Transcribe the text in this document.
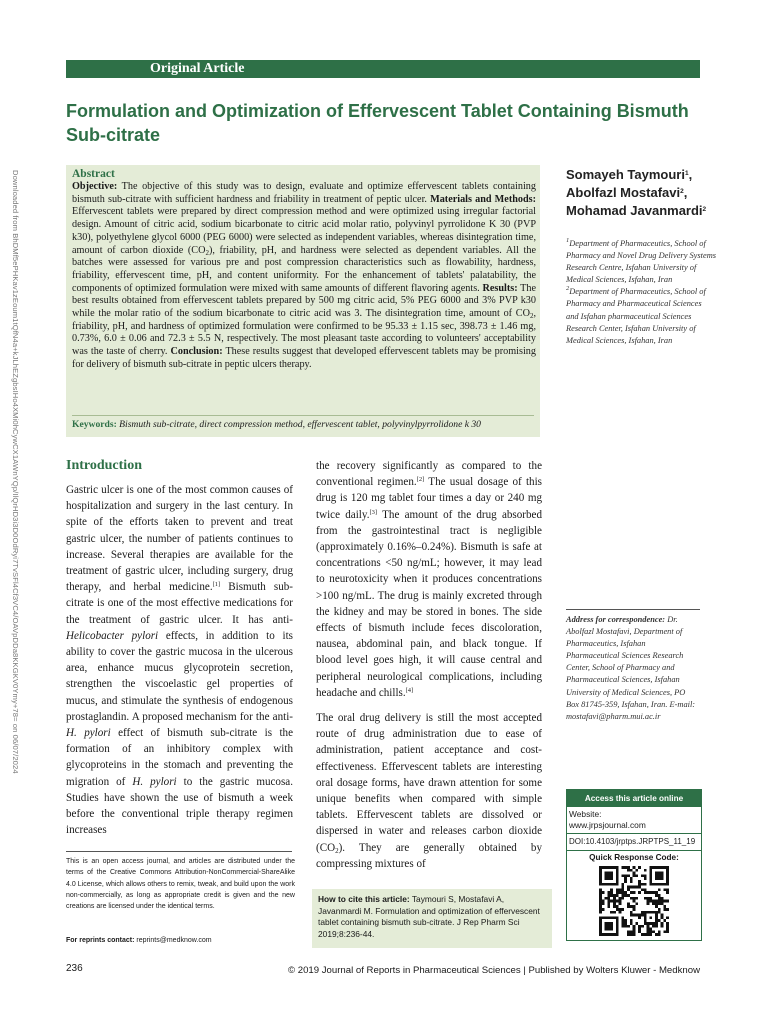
Downloaded from BhDMf5ePHKav1zEoum1tQfN4a+kJLhEZgbsIHo4XMi0hCywCX1AWnYQp/IlQrHD3i3D0OdRyi7TvSFl4Cf3VC4/OAVpDDa8KKGKV0Ymy+78= on 06/07/2024
Original Article
Formulation and Optimization of Effervescent Tablet Containing Bismuth Sub-citrate
Abstract
Objective: The objective of this study was to design, evaluate and optimize effervescent tablets containing bismuth sub-citrate with sufficient hardness and friability in treatment of peptic ulcer. Materials and Methods: Effervescent tablets were prepared by direct compression method and were optimized using irregular factorial design. Amount of citric acid, sodium bicarbonate to citric acid molar ratio, polyvinyl pyrrolidone K 30 (PVP k30), polyethylene glycol 6000 (PEG 6000) were selected as independent variables, whereas disintegration time, amount of carbon dioxide $(CO_2)$, friability, pH, and hardness were selected as dependent variables. All the batches were assessed for various pre and post compression characteristics such as flowability, hardness, friability, effervescent time, pH, and content uniformity. For the enhancement of tablets' palatability, the components of optimized formulation were mixed with same amounts of different flavoring agents. Results: The best results obtained from effervescent tablets prepared by 500 mg citric acid, 5% PEG 6000 and 3% PVP k30 while the molar ratio of the sodium bicarbonate to citric acid was 3. The disintegration time, amount of $CO_2$, friability, pH, and hardness of optimized formulation were confirmed to be 95.33 ± 1.15 sec, 398.73 ± 1.46 mg, 0.73%, 6.0 ± 0.06 and 72.3 ± 5.5 N, respectively. The most pleasant taste according to volunteers' acceptability was the taste of cherry. Conclusion: These results suggest that developed effervescent tablets may be promising for delivery of bismuth sub-citrate in peptic ulcers therapy.
Keywords: Bismuth sub-citrate, direct compression method, effervescent tablet, polyvinylpyrrolidone k 30
Somayeh Taymouri$^1$,
Abolfazl Mostafavi$^2$,
Mohamad Javanmardi$^2$
$^1$Department of Pharmaceutics, School of Pharmacy and Novel Drug Delivery Systems Research Centre, Isfahan University of Medical Sciences, Isfahan, Iran
$^2$Department of Pharmaceutics, School of Pharmacy and Pharmaceutical Sciences and Isfahan pharmaceutical Sciences Research Center, Isfahan University of Medical Sciences, Isfahan, Iran
Introduction

Gastric ulcer is one of the most common causes of hospitalization and surgery in the last century. In spite of the efforts taken to prevent and treat gastric ulcer, the number of patients continues to increase. Several therapies are available for the treatment of gastric ulcer, including surgery, drug therapy, and herbal medicine.[1] Bismuth sub-citrate is one of the most effective medications for the treatment of gastric ulcer. It has anti-Helicobacter pylori effects, in addition to its ability to cover the gastric mucosa in the ulcerous area, enhance mucus glycoprotein secretion, strengthen the viscoelastic gel properties of mucus, and stimulate the synthesis of endogenous prostaglandin. A proposed mechanism for the anti-H. pylori effect of bismuth sub-citrate is the formation of an inhibitory complex with glycoproteins in the stomach and preventing the migration of H. pylori to the gastric mucosa. Studies have shown the use of bismuth a week before the conventional triple therapy regimen increases

the recovery significantly as compared to the conventional regimen.[2] The usual dosage of this drug is 120 mg tablet four times a day or 240 mg twice daily.[3] The amount of the drug absorbed from the gastrointestinal tract is negligible (approximately 0.16%–0.24%). Bismuth is safe at concentrations <50 ng/mL; however, it may lead to neurotoxicity when it produces concentrations >100 ng/mL. The drug is mainly excreted through the kidney and may be stored in bones. The side effects of bismuth include feces discoloration, nausea, abdominal pain, and black tongue. If blood level goes high, it will cause central and peripheral neurological complications, including headache and chills.[4]

The oral drug delivery is still the most accepted route of drug administration due to ease of administration, patient acceptance and cost-effectiveness. Effervescent tablets are interesting oral dosage forms, have drawn attention for some unique benefits when compared with simple tablets. Effervescent tablets are dissolved or dispersed in water and releases carbon dioxide $(CO_2)$. They are generally obtained by compressing mixtures of

This is an open access journal, and articles are distributed under the terms of the Creative Commons Attribution-NonCommercial-ShareAlike 4.0 License, which allows others to remix, tweak, and build upon the work non-commercially, as long as appropriate credit is given and the new creations are licensed under the identical terms.
For reprints contact: reprints@medknow.com
How to cite this article: Taymouri S, Mostafavi A, Javanmardi M. Formulation and optimization of effervescent tablet containing bismuth sub-citrate. J Rep Pharm Sci 2019;8:236-44.
Address for correspondence: Dr. Abolfazl Mostafavi, Department of Pharmaceutics, Isfahan Pharmaceutical Sciences Research Center, School of Pharmacy and Pharmaceutical Sciences, Isfahan University of Medical Sciences, PO Box 81745-359, Isfahan, Iran. E-mail: mostafavi@pharm.mui.ac.ir
Access this article online
Website:
www.jrpsjournal.com
DOI:10.4103/jrptps.JRPTPS_11_19
Quick Response Code:
236	© 2019 Journal of Reports in Pharmaceutical Sciences | Published by Wolters Kluwer - Medknow
